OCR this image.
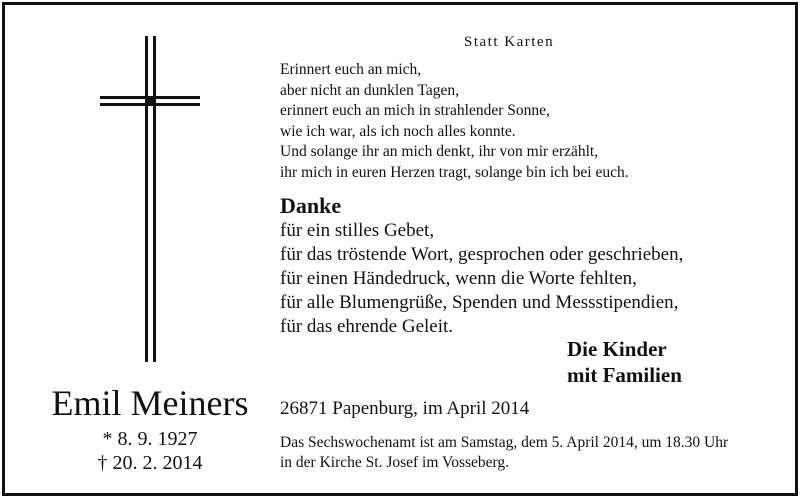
Statt Karten
Erinnert euch an mich,
aber nicht an dunklen Tagen,
erinnert euch an mich in strahlender Sonne,
wie ich war, als ich noch alles konnte.
Und solange ihr an mich denkt, ihr von mir erzählt,
ihr mich in euren Herzen tragt, solange bin ich bei euch.
Danke
für ein stilles Gebet,
für das tröstende Wort, gesprochen oder geschrieben,
für einen Händedruck, wenn die Worte fehlten,
für alle Blumengrüße, Spenden und Messstipendien,
für das ehrende Geleit.
Die Kinder
mit Familien
Emil Meiners
* 8. 9. 1927
† 20. 2. 2014
26871 Papenburg, im April 2014
Das Sechswochenamt ist am Samstag, dem 5. April 2014, um 18.30 Uhr
in der Kirche St. Josef im Vosseberg.
